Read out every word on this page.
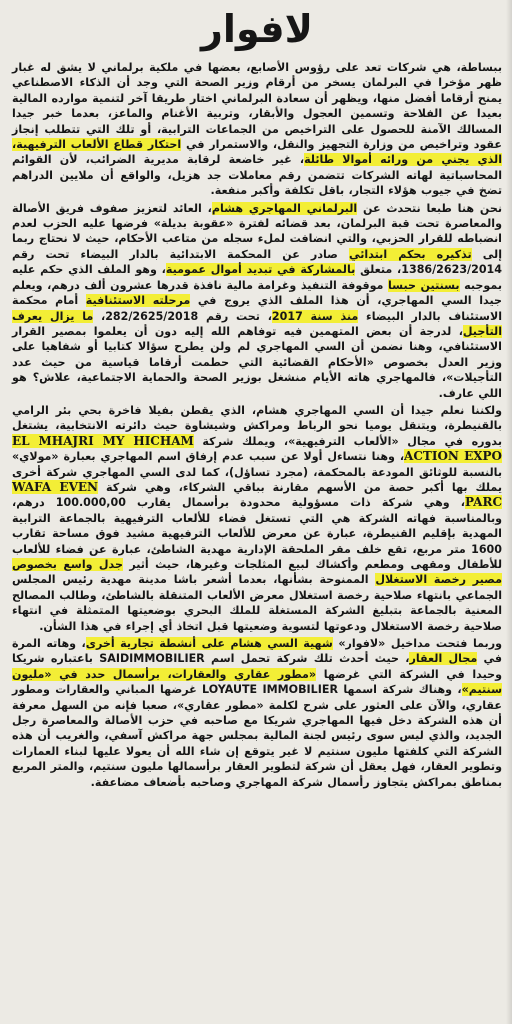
لافوار

ببساطة، هي شركات تعد على رؤوس الأصابع، بعضها في ملكية برلماني لا يشق له غبار ظهر مؤخرا في البرلمان يسخر من أرقام وزير الصحة التي وجد أن الذكاء الاصطناعي يمنح أرقاما أفضل منها، ويظهر أن سعادة البرلماني اختار طريقا آخر لتنمية موارده المالية بعيدا عن الفلاحة وتسمين العجول والأبقار، وتربية الأغنام والماعز، بعدما خبر جيدا المسالك الآمنة للحصول على التراخيص من الجماعات الترابية، أو تلك التي تتطلب إنجاز عقود وتراخيص من وزارة التجهيز والنقل، والاستمرار في احتكار قطاع الألعاب الترفيهية، الذي يجني من ورائه أموالا طائلة، غير خاضعة لرقابة مديرية الضرائب، لأن القوائم المحاسباتية لهاته الشركات تتضمن رقم معاملات جد هزيل، والواقع أن ملايين الدراهم تضخ في جيوب هؤلاء التجار، باقل تكلفة وأكبر منفعة.

نحن هنا طبعا نتحدث عن البرلماني المهاجري هشام، العائد لتعزيز صفوف فريق الأصالة والمعاصرة تحت قبة البرلمان، بعد قضائه لفترة «عقوبة بديلة» فرضها عليه الحزب لعدم انضباطه للقرار الحزبي، والتي انضافت لملء سجله من متاعب الأحكام، حيث لا نحتاج ربما إلى تذكيره بحكم ابتدائي صادر عن المحكمة الابتدائية بالدار البيضاء تحت رقم 1386/2623/2014، متعلق بالمشاركة في تبديد أموال عمومية، وهو الملف الذي حكم عليه بموجبه بسنتين حبسا موقوفة التنفيذ وغرامة مالية نافذة قدرها عشرون ألف درهم، ويعلم جيدا السي المهاجري، أن هذا الملف الذي يروج في مرحلته الاستئنافية أمام محكمة الاستئناف بالدار البيضاء منذ سنة 2017، تحت رقم 282/2625/2018، ما يزال يعرف التأجيل، لدرجة أن بعض المتهمين فيه توفاهم الله إليه دون أن يعلموا بمصير القرار الاستئنافي، وهنا نضمن أن السي المهاجري لم ولن يطرح سؤالا كتابيا أو شفاهيا على وزير العدل بخصوص «الأحكام القضائية التي حطمت أرقاما قياسية من حيث عدد التأجيلات»، فالمهاجري هاته الأيام منشغل بوزير الصحة والحماية الاجتماعية، علاش؟ هو اللي عارف.

ولكننا نعلم جيدا أن السي المهاجري هشام، الذي يقطن بفيلا فاخرة بحي بئر الرامي بالقنيطرة، ويتنقل يوميا نحو الرباط ومراكش وشيشاوة حيث دائرته الانتخابية، يشتغل بدوره في مجال «الألعاب الترفيهية»، ويملك شركة EL MHAJRI MY HICHAM ACTION EXPO، وهنا نتساءل أولا عن سبب عدم إرفاق اسم المهاجري بعبارة «مولاي» بالنسبة للوثائق المودعة بالمحكمة، (مجرد تساؤل)، كما لدى السي المهاجري شركة أخرى يملك بها أكبر حصة من الأسهم مقارنة بباقي الشركاء، وهي شركة WAFA EVEN PARC، وهي شركة ذات مسؤولية محدودة برأسمال يقارب 100.000,00 درهم، وبالمناسبة فهاته الشركة هي التي تستغل فضاء للألعاب الترفيهية بالجماعة الترابية المهدية بإقليم القنيطرة، عبارة عن معرض للألعاب الترفيهية مشيد فوق مساحة تقارب 1600 متر مربع، تقع خلف مقر الملحقة الإدارية مهدية الشاطئ، عبارة عن فضاء للألعاب للأطفال ومقهى ومطعم وأكشاك لبيع المثلجات وغيرها، حيث أثير جدل واسع بخصوص مصير رخصة الاستغلال الممنوحة بشأنها، بعدما أشعر باشا مدينة مهدية رئيس المجلس الجماعي بانتهاء صلاحية رخصة استغلال معرض الألعاب المتنقلة بالشاطئ، وطالب المصالح المعنية بالجماعة بتبليغ الشركة المستغلة للملك البحري بوضعيتها المتمثلة في انتهاء صلاحية رخصة الاستغلال ودعوتها لتسوية وضعيتها قبل اتخاذ أي إجراء في هذا الشأن.

وربما فتحت مداخيل «لافوار» شهية السي هشام على أنشطة تجارية أخرى، وهاته المرة في مجال العقار، حيث أحدث تلك شركة تحمل اسم SAIDIMMOBILIER باعتباره شريكا وحيدا في الشركة التي غرضها «مطور عقاري والعقارات، برأسمال حدد في «مليون سنتيم»، وهناك شركة اسمها LOYAUTE IMMOBILIER غرضها المباني والعقارات ومطور عقاري، والآن على العثور على شرح لكلمة «مطور عقاري»، صعبا فإنه من السهل معرفة أن هذه الشركة دخل فيها المهاجري شريكا مع صاحبه في حزب الأصالة والمعاصرة رجل الجديد، والذي ليس سوى رئيس لجنة المالية بمجلس جهة مراكش آسفي، والغريب أن هذه الشركة التي كلفتها مليون سنتيم لا غير يتوقع إن شاء الله أن يعولا عليها لبناء العمارات وتطوير العقار، فهل يعقل أن شركة لتطوير العقار برأسمالها مليون سنتيم، والمتر المربع بمناطق بمراكش يتجاوز رأسمال شركة المهاجري وصاحبه بأضعاف مضاعفة.
